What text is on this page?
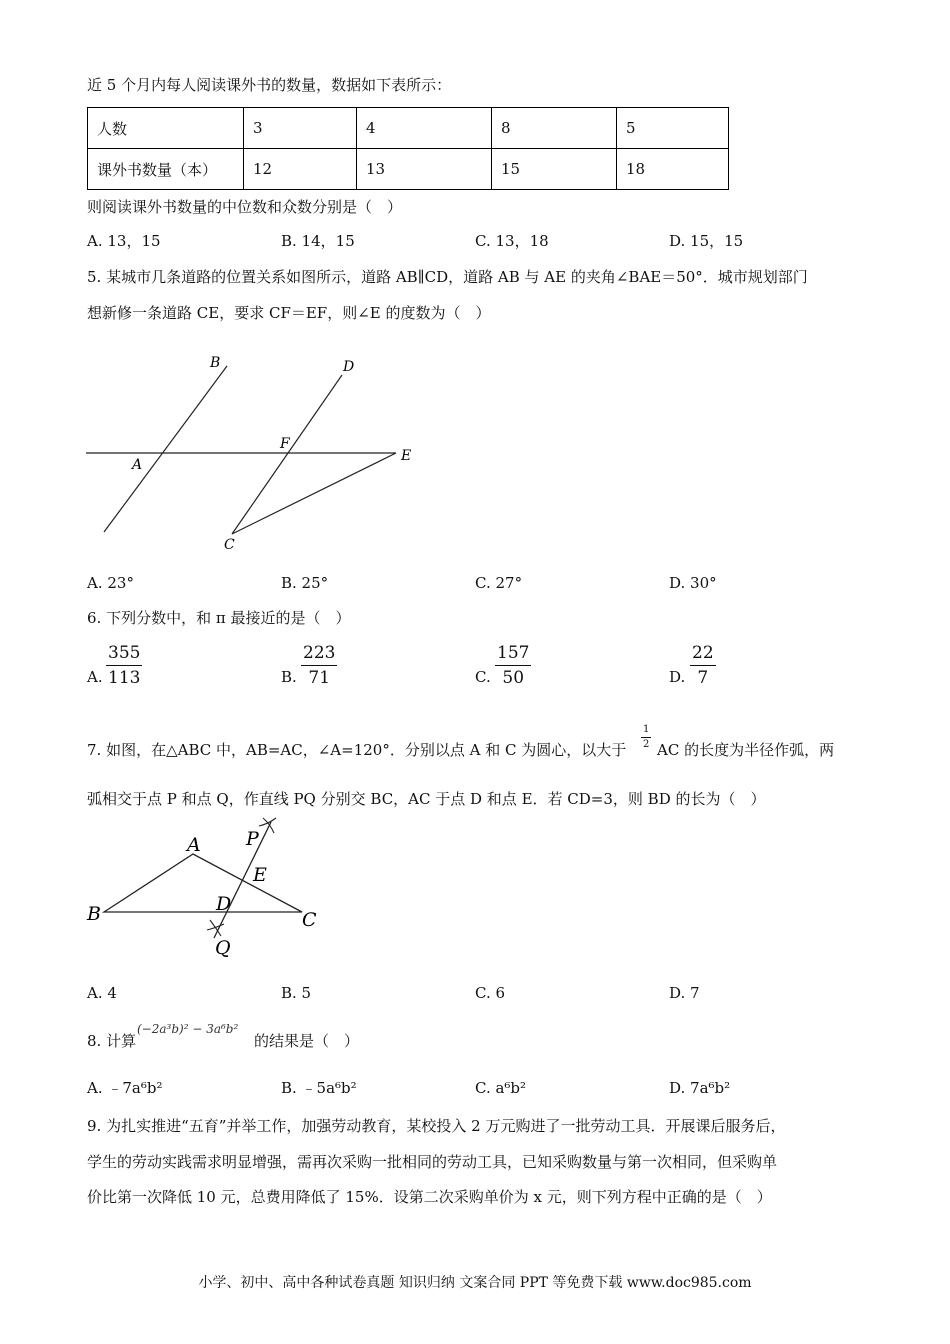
近 5 个月内每人阅读课外书的数量，数据如下表所示：
人数	3	4	8	5
课外书数量（本）	12	13	15	18
则阅读课外书数量的中位数和众数分别是（　）
A. 13，15	B. 14，15	C. 13，18	D. 15，15
5. 某城市几条道路的位置关系如图所示，道路 AB∥CD，道路 AB 与 AE 的夹角∠BAE＝50°．城市规划部门
想新修一条道路 CE，要求 CF＝EF，则∠E 的度数为（　）
B	D
F
A
E
C
A. 23°	B. 25°	C. 27°	D. 30°
6. 下列分数中，和 π 最接近的是（　）
A. $\frac{355}{113}$	B. $\frac{223}{71}$	C. $\frac{157}{50}$	D. $\frac{22}{7}$
7. 如图，在△ABC 中，AB=AC，∠A=120°．分别以点 A 和 C 为圆心，以大于 $\frac{1}{2}$ AC 的长度为半径作弧，两
弧相交于点 P 和点 Q，作直线 PQ 分别交 BC，AC 于点 D 和点 E．若 CD=3，则 BD 的长为（　）
A P
E
B	D
C
Q
A. 4	B. 5	C. 6	D. 7
8. 计算
(−2a³b)² − 3a⁶b²
的结果是（　）
A. ﹣7a⁶b²	B. ﹣5a⁶b²	C. a⁶b²	D. 7a⁶b²
9. 为扎实推进“五育”并举工作，加强劳动教育，某校投入 2 万元购进了一批劳动工具．开展课后服务后，
学生的劳动实践需求明显增强，需再次采购一批相同的劳动工具，已知采购数量与第一次相同，但采购单
价比第一次降低 10 元，总费用降低了 15%．设第二次采购单价为 x 元，则下列方程中正确的是（　）
小学、初中、高中各种试卷真题 知识归纳 文案合同 PPT 等免费下载 www.doc985.com
